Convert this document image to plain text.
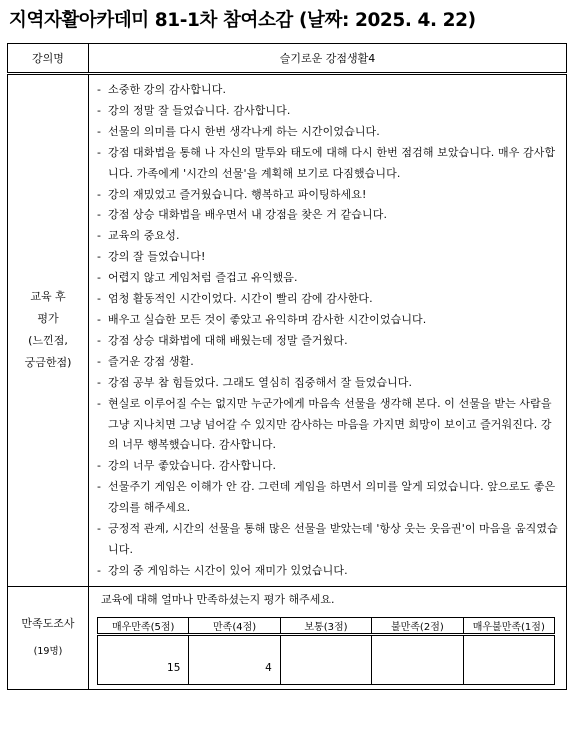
지역자활아카데미 81-1차 참여소감 (날짜: 2025. 4. 22)
강의명	슬기로운 강점생활4

교육 후
평가
(느낀점,
궁금한점)

- 소중한 강의 감사합니다.
- 강의 정말 잘 들었습니다. 감사합니다.
- 선물의 의미를 다시 한번 생각나게 하는 시간이었습니다.
- 강점 대화법을 통해 나 자신의 말투와 태도에 대해 다시 한번 점검해 보았습니다. 매우 감사합니다. 가족에게 '시간의 선물'을 계획해 보기로 다짐했습니다.
- 강의 재밌었고 즐거웠습니다. 행복하고 파이팅하세요!
- 강점 상승 대화법을 배우면서 내 강점을 찾은 거 같습니다.
- 교육의 중요성.
- 강의 잘 들었습니다!
- 어렵지 않고 게임처럼 즐겁고 유익했음.
- 엄청 활동적인 시간이었다. 시간이 빨리 감에 감사한다.
- 배우고 실습한 모든 것이 좋았고 유익하며 감사한 시간이었습니다.
- 강점 상승 대화법에 대해 배웠는데 정말 즐거웠다.
- 즐거운 강점 생활.
- 강점 공부 참 힘들었다. 그래도 열심히 집중해서 잘 들었습니다.
- 현실로 이루어질 수는 없지만 누군가에게 마음속 선물을 생각해 본다. 이 선물을 받는 사람을 그냥 지나치면 그냥 넘어갈 수 있지만 감사하는 마음을 가지면 희망이 보이고 즐거워진다. 강의 너무 행복했습니다. 감사합니다.
- 강의 너무 좋았습니다. 감사합니다.
- 선물주기 게임은 이해가 안 감. 그런데 게임을 하면서 의미를 알게 되었습니다. 앞으로도 좋은 강의를 해주세요.
- 긍정적 관계, 시간의 선물을 통해 많은 선물을 받았는데 '항상 웃는 웃음권'이 마음을 움직였습니다.
- 강의 중 게임하는 시간이 있어 재미가 있었습니다.

만족도조사
(19명)

교육에 대해 얼마나 만족하셨는지 평가 해주세요.
매우만족(5점)	만족(4점)	보통(3점)	불만족(2점)	매우불만족(1점)
15	4			
